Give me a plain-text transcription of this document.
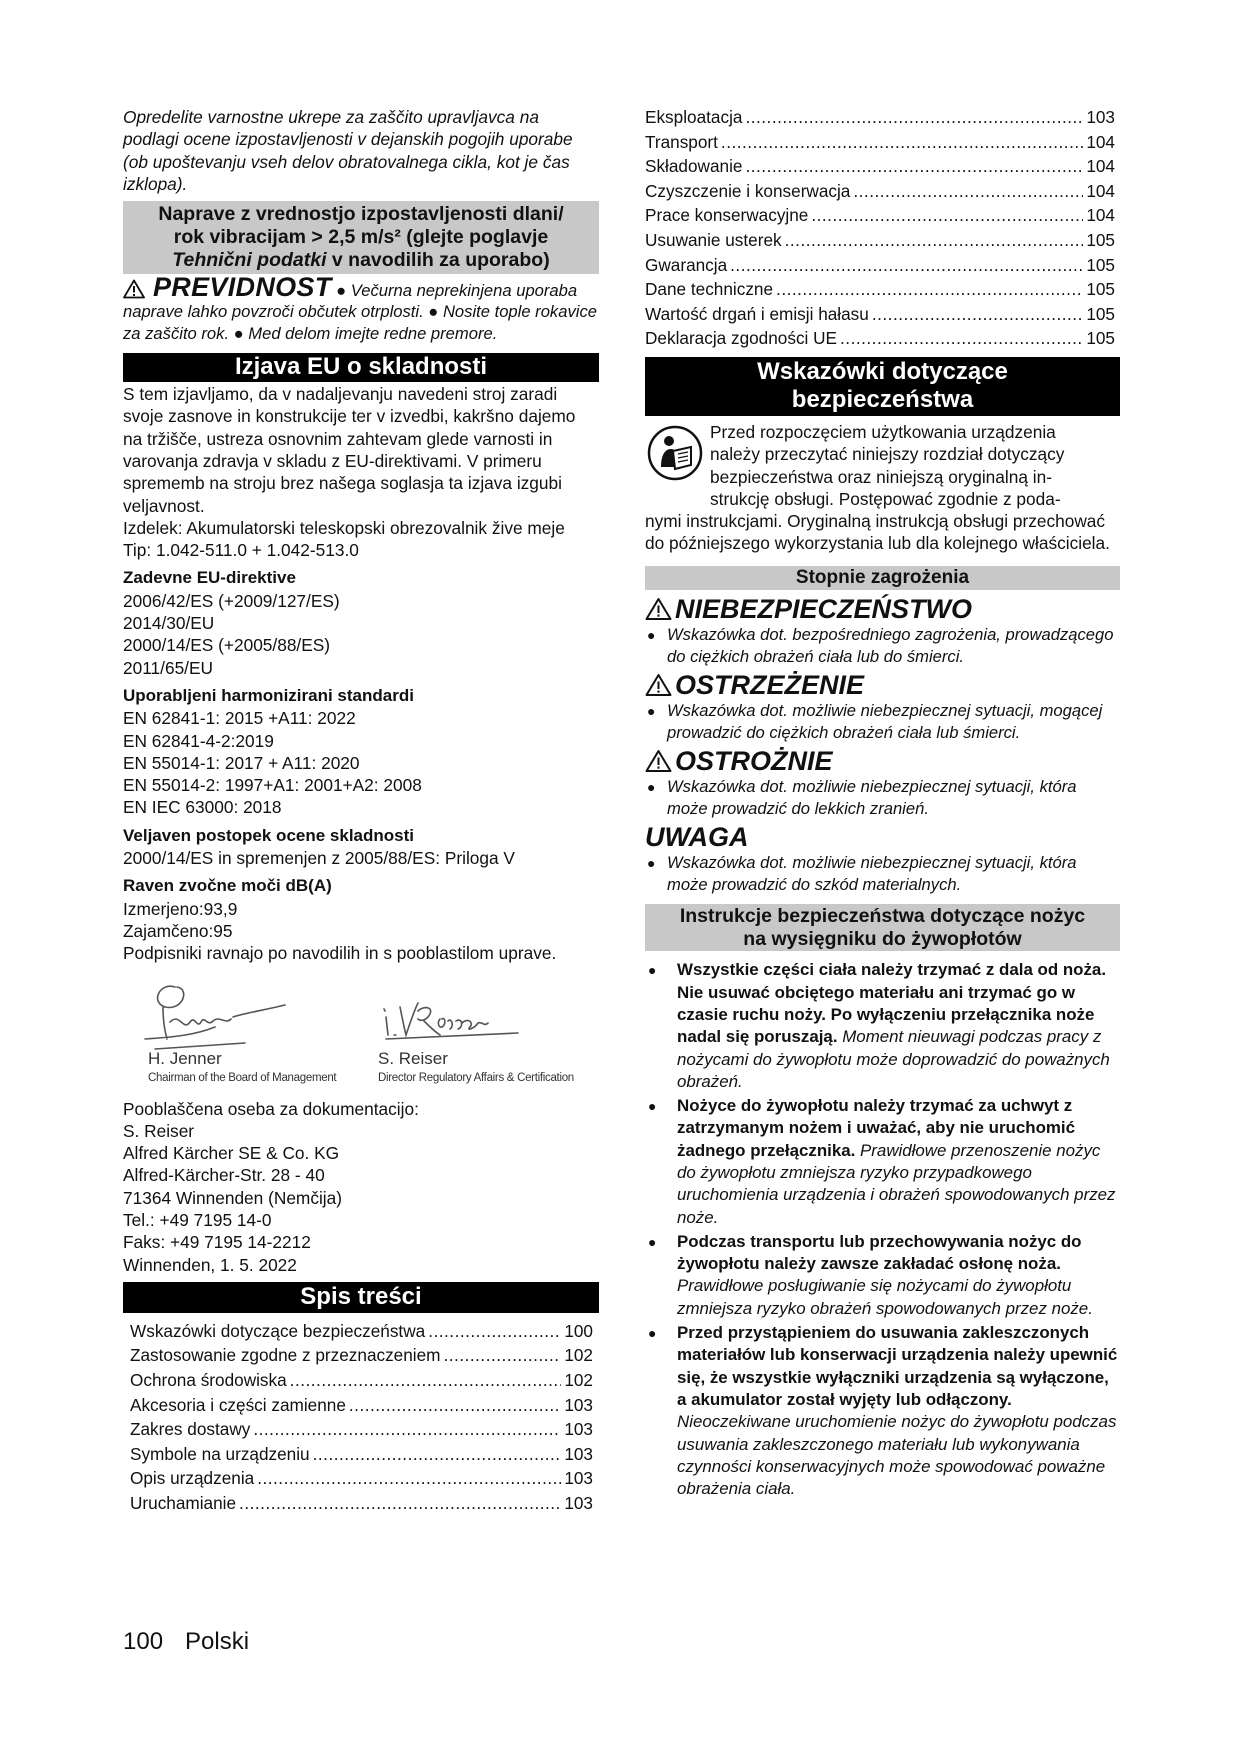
Opredelite varnostne ukrepe za zaščito upravljavca na podlagi ocene izpostavljenosti v dejanskih pogojih uporabe (ob upoštevanju vseh delov obratovalnega cikla, kot je čas izklopa).

Naprave z vrednostjo izpostavljenosti dlani/
rok vibracijam > 2,5 m/s² (glejte poglavje
Tehnični podatki v navodilih za uporabo)

PREVIDNOST ● Večurna neprekinjena uporaba naprave lahko povzroči občutek otrplosti. ● Nosite tople rokavice za zaščito rok. ● Med delom imejte redne premore.

Izjava EU o skladnosti

S tem izjavljamo, da v nadaljevanju navedeni stroj zaradi svoje zasnove in konstrukcije ter v izvedbi, kakršno dajemo na tržišče, ustreza osnovnim zahtevam glede varnosti in varovanja zdravja v skladu z EU-direktivami. V primeru sprememb na stroju brez našega soglasja ta izjava izgubi veljavnost.

Izdelek: Akumulatorski teleskopski obrezovalnik žive meje

Tip: 1.042-511.0 + 1.042-513.0

Zadevne EU-direktive

2006/42/ES (+2009/127/ES)

2014/30/EU

2000/14/ES (+2005/88/ES)

2011/65/EU

Uporabljeni harmonizirani standardi

EN 62841-1: 2015 +A11: 2022

EN 62841-4-2:2019

EN 55014-1: 2017 + A11: 2020

EN 55014-2: 1997+A1: 2001+A2: 2008

EN IEC 63000: 2018

Veljaven postopek ocene skladnosti

2000/14/ES in spremenjen z 2005/88/ES: Priloga V

Raven zvočne moči dB(A)

Izmerjeno:93,9

Zajamčeno:95

Podpisniki ravnajo po navodilih in s pooblastilom uprave.

H. Jenner
Chairman of the Board of Management
S. Reiser
Director Regulatory Affairs & Certification

Pooblaščena oseba za dokumentacijo:

S. Reiser

Alfred Kärcher SE & Co. KG

Alfred-Kärcher-Str. 28 - 40

71364 Winnenden (Nemčija)

Tel.: +49 7195 14-0

Faks: +49 7195 14-2212

Winnenden, 1. 5. 2022

Spis treści
Wskazówki dotyczące bezpieczeństwa .....	100
Zastosowanie zgodne z przeznaczeniem .....	102
Ochrona środowiska .....	102
Akcesoria i części zamienne .....	103
Zakres dostawy .....	103
Symbole na urządzeniu .....	103
Opis urządzenia .....	103
Uruchamianie .....	103
Eksploatacja .....	103
Transport .....	104
Składowanie .....	104
Czyszczenie i konserwacja .....	104
Prace konserwacyjne .....	104
Usuwanie usterek .....	105
Gwarancja .....	105
Dane techniczne .....	105
Wartość drgań i emisji hałasu .....	105
Deklaracja zgodności UE .....	105
Wskazówki dotyczące
bezpieczeństwa

Przed rozpoczęciem użytkowania urządzenia

należy przeczytać niniejszy rozdział dotyczący

bezpieczeństwa oraz niniejszą oryginalną in-

strukcję obsługi. Postępować zgodnie z poda-

nymi instrukcjami. Oryginalną instrukcją obsługi przechować do późniejszego wykorzystania lub dla kolejnego właściciela.

Stopnie zagrożenia
NIEBEZPIECZEŃSTWO
● Wskazówka dot. bezpośredniego zagrożenia, prowadzącego do ciężkich obrażeń ciała lub do śmierci.
OSTRZEŻENIE
● Wskazówka dot. możliwie niebezpiecznej sytuacji, mogącej prowadzić do ciężkich obrażeń ciała lub śmierci.
OSTROŻNIE
● Wskazówka dot. możliwie niebezpiecznej sytuacji, która może prowadzić do lekkich zranień.
UWAGA
● Wskazówka dot. możliwie niebezpiecznej sytuacji, która może prowadzić do szkód materialnych.
Instrukcje bezpieczeństwa dotyczące nożyc
na wysięgniku do żywopłotów
●	Wszystkie części ciała należy trzymać z dala od noża. Nie usuwać obciętego materiału ani trzymać go w czasie ruchu noży. Po wyłączeniu przełącznika noże nadal się poruszają. Moment nieuwagi podczas pracy z nożycami do żywopłotu może doprowadzić do poważnych obrażeń.
●	Nożyce do żywopłotu należy trzymać za uchwyt z zatrzymanym nożem i uważać, aby nie uruchomić żadnego przełącznika. Prawidłowe przenoszenie nożyc do żywopłotu zmniejsza ryzyko przypadkowego uruchomienia urządzenia i obrażeń spowodowanych przez noże.
●	Podczas transportu lub przechowywania nożyc do żywopłotu należy zawsze zakładać osłonę noża. Prawidłowe posługiwanie się nożycami do żywopłotu zmniejsza ryzyko obrażeń spowodowanych przez noże.
●	Przed przystąpieniem do usuwania zakleszczonych materiałów lub konserwacji urządzenia należy upewnić się, że wszystkie wyłączniki urządzenia są wyłączone, a akumulator został wyjęty lub odłączony. Nieoczekiwane uruchomienie nożyc do żywopłotu podczas usuwania zakleszczonego materiału lub wykonywania czynności konserwacyjnych może spowodować poważne obrażenia ciała.
100 Polski
